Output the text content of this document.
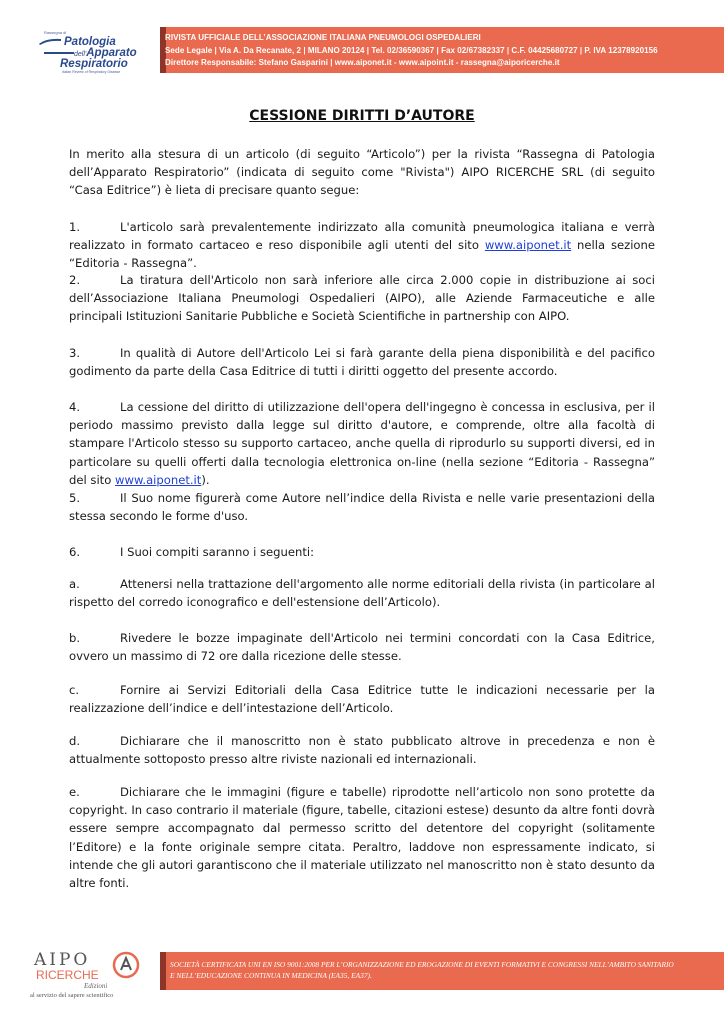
Rassegna di
Patologia
dell'Apparato
Respiratorio
Italian Review of Respiratory Disease
RIVISTA UFFICIALE DELL’ASSOCIAZIONE ITALIANA PNEUMOLOGI OSPEDALIERI
Sede Legale | Via A. Da Recanate, 2 | MILANO 20124 | Tel. 02/36590367 | Fax 02/67382337 | C.F. 04425680727 | P. IVA 12378920156
Direttore Responsabile: Stefano Gasparini | www.aiponet.it - www.aipoint.it - rassegna@aiporicerche.it
CESSIONE DIRITTI D’AUTORE
In merito alla stesura di un articolo (di seguito “Articolo”) per la rivista “Rassegna di Patologia dell’Apparato Respiratorio” (indicata di seguito come "Rivista") AIPO RICERCHE SRL (di seguito “Casa Editrice”) è lieta di precisare quanto segue:
1.	L'articolo sarà prevalentemente indirizzato alla comunità pneumologica italiana e verrà realizzato in formato cartaceo e reso disponibile agli utenti del sito www.aiponet.it nella sezione “Editoria - Rassegna”.
2.	La tiratura dell'Articolo non sarà inferiore alle circa 2.000 copie in distribuzione ai soci dell’Associazione Italiana Pneumologi Ospedalieri (AIPO), alle Aziende Farmaceutiche e alle principali Istituzioni Sanitarie Pubbliche e Società Scientifiche in partnership con AIPO.
3.	In qualità di Autore dell'Articolo Lei si farà garante della piena disponibilità e del pacifico godimento da parte della Casa Editrice di tutti i diritti oggetto del presente accordo.
4.	La cessione del diritto di utilizzazione dell'opera dell'ingegno è concessa in esclusiva, per il periodo massimo previsto dalla legge sul diritto d'autore, e comprende, oltre alla facoltà di stampare l'Articolo stesso su supporto cartaceo, anche quella di riprodurlo su supporti diversi, ed in particolare su quelli offerti dalla tecnologia elettronica on-line (nella sezione “Editoria - Rassegna” del sito www.aiponet.it).
5.	Il Suo nome figurerà come Autore nell’indice della Rivista e nelle varie presentazioni della stessa secondo le forme d'uso.
6.	I Suoi compiti saranno i seguenti:
a.	Attenersi nella trattazione dell'argomento alle norme editoriali della rivista (in particolare al rispetto del corredo iconografico e dell'estensione dell’Articolo).
b.	Rivedere le bozze impaginate dell'Articolo nei termini concordati con la Casa Editrice, ovvero un massimo di 72 ore dalla ricezione delle stesse.
c.	Fornire ai Servizi Editoriali della Casa Editrice tutte le indicazioni necessarie per la realizzazione dell’indice e dell’intestazione dell’Articolo.
d.	Dichiarare che il manoscritto non è stato pubblicato altrove in precedenza e non è attualmente sottoposto presso altre riviste nazionali ed internazionali.
e.	Dichiarare che le immagini (figure e tabelle) riprodotte nell’articolo non sono protette da copyright. In caso contrario il materiale (figure, tabelle, citazioni estese) desunto da altre fonti dovrà essere sempre accompagnato dal permesso scritto del detentore del copyright (solitamente l’Editore) e la fonte originale sempre citata. Peraltro, laddove non espressamente indicato, si intende che gli autori garantiscono che il materiale utilizzato nel manoscritto non è stato desunto da altre fonti.
AIPO
RICERCHE
Edizioni
al servizio del sapere scientifico
SOCIETÀ CERTIFICATA UNI EN ISO 9001:2008 PER L’ORGANIZZAZIONE ED EROGAZIONE DI EVENTI FORMATIVI E CONGRESSI NELL’AMBITO SANITARIO
E NELL’EDUCAZIONE CONTINUA IN MEDICINA (EA35, EA37).
